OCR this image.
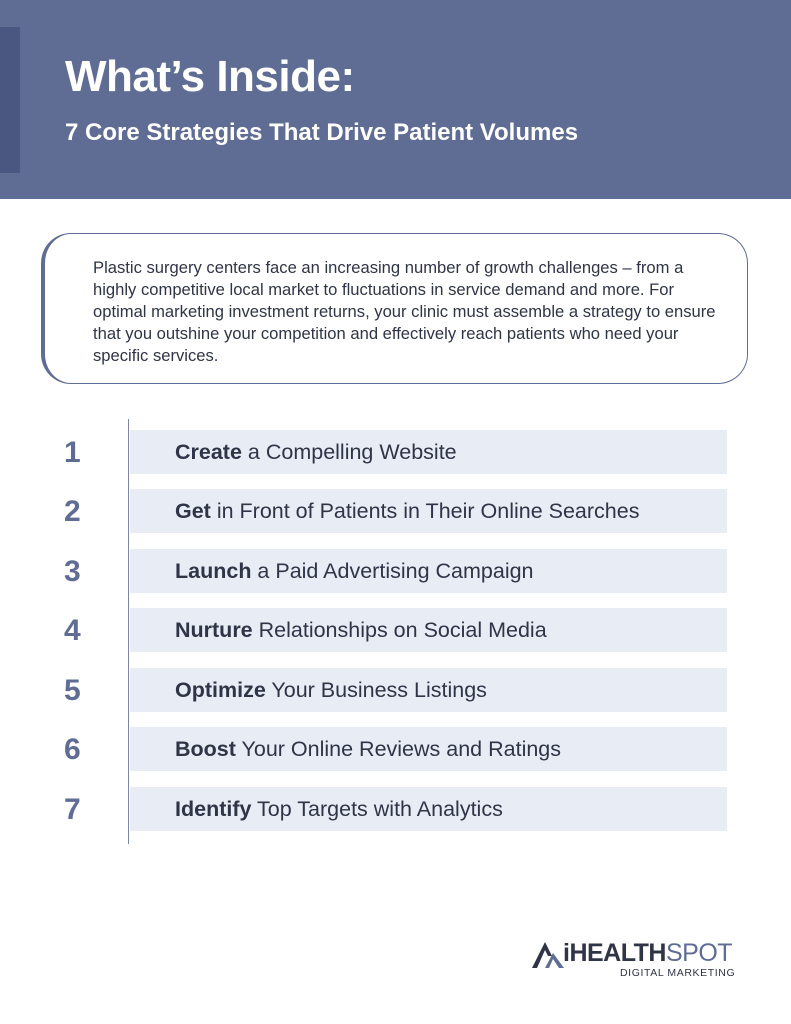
What’s Inside:
7 Core Strategies That Drive Patient Volumes

Plastic surgery centers face an increasing number of growth challenges – from a highly competitive local market to fluctuations in service demand and more. For optimal marketing investment returns, your clinic must assemble a strategy to ensure that you outshine your competition and effectively reach patients who need your specific services.

1	Create a Compelling Website
2	Get in Front of Patients in Their Online Searches
3	Launch a Paid Advertising Campaign
4	Nurture Relationships on Social Media
5	Optimize Your Business Listings
6	Boost Your Online Reviews and Ratings
7	Identify Top Targets with Analytics
iHEALTHSPOT
DIGITAL MARKETING
